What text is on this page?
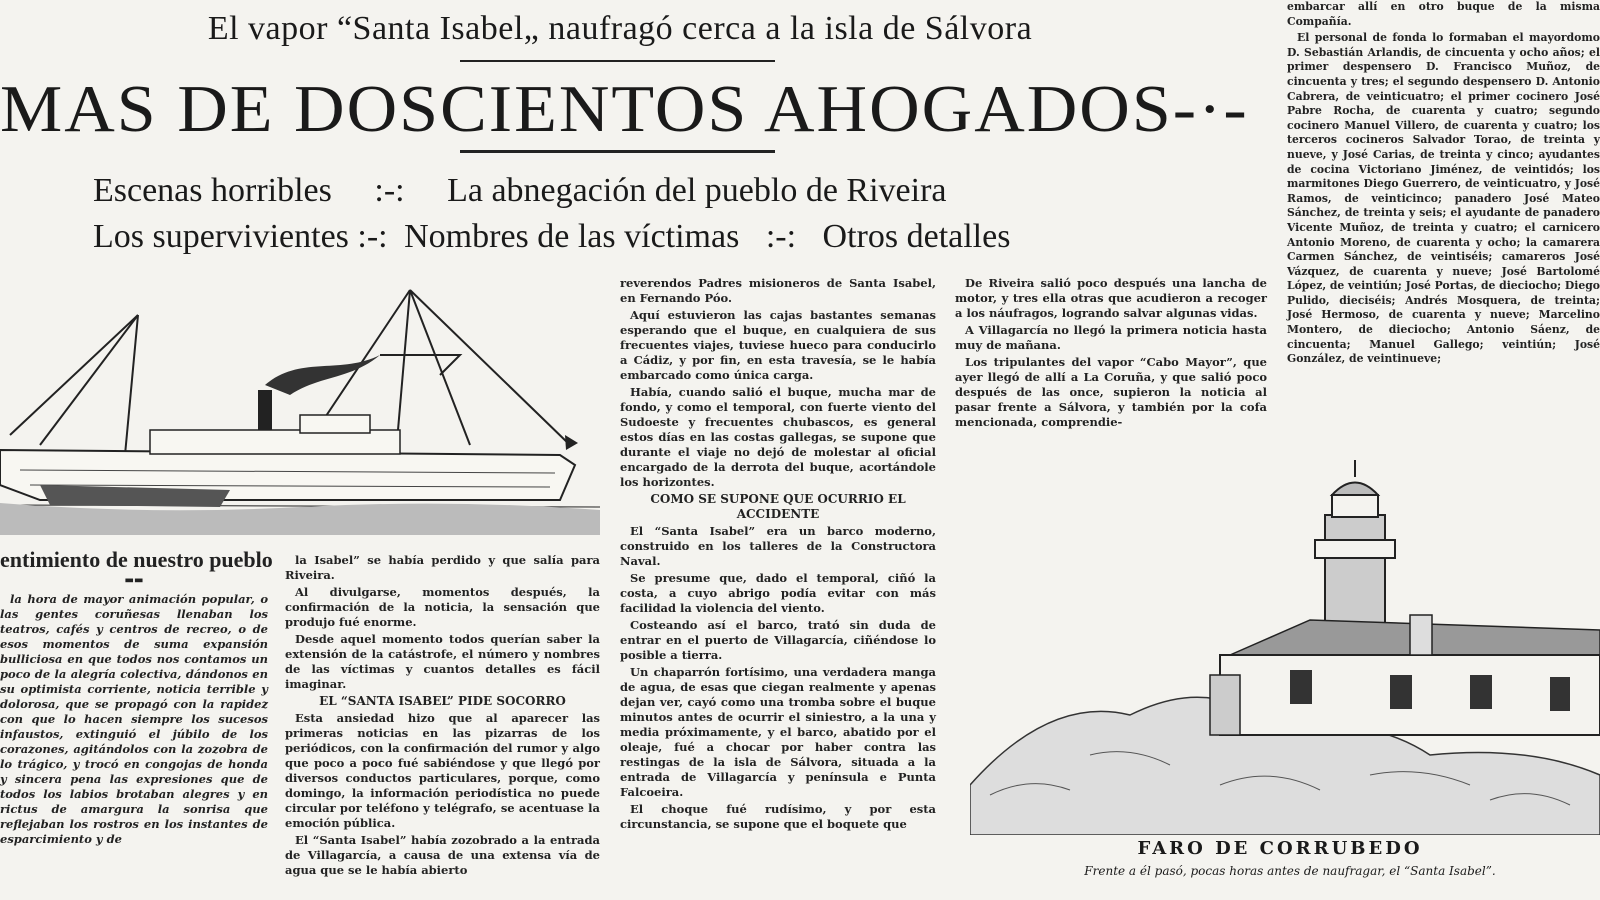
El vapor “Santa Isabel„ naufragó cerca a la isla de Sálvora
MAS DE DOSCIENTOS AHOGADOS-·-
Escenas horribles :-: La abnegación del pueblo de Riveira
Los supervivientes :-: Nombres de las víctimas :-: Otros detalles
entimiento de nuestro pueblo
▬▬

la hora de mayor animación popular, o las gentes coruñesas llenaban los teatros, cafés y centros de recreo, o de esos momentos de suma expansión bulliciosa en que todos nos contamos un poco de la alegría colectiva, dándonos en su optimista corriente, noticia terrible y dolorosa, que se propagó con la rapidez con que lo hacen siempre los sucesos infaustos, extinguió el júbilo de los corazones, agitándolos con la zozobra de lo trágico, y trocó en congojas de honda y sincera pena las expresiones que de todos los labios brotaban alegres y en rictus de amargura la sonrisa que reflejaban los rostros en los instantes de esparcimiento y de

la Isabel” se había perdido y que salía para Riveira.

Al divulgarse, momentos después, la confirmación de la noticia, la sensación que produjo fué enorme.

Desde aquel momento todos querían saber la extensión de la catástrofe, el número y nombres de las víctimas y cuantos detalles es fácil imaginar.

EL “SANTA ISABEL” PIDE SOCORRO

Esta ansiedad hizo que al aparecer las primeras noticias en las pizarras de los periódicos, con la confirmación del rumor y algo que poco a poco fué sabiéndose y que llegó por diversos conductos particulares, porque, como domingo, la información periodística no puede circular por teléfono y telégrafo, se acentuase la emoción pública.

El “Santa Isabel” había zozobrado a la entrada de Villagarcía, a causa de una extensa vía de agua que se le había abierto

reverendos Padres misioneros de Santa Isabel, en Fernando Póo.

Aquí estuvieron las cajas bastantes semanas esperando que el buque, en cualquiera de sus frecuentes viajes, tuviese hueco para conducirlo a Cádiz, y por fin, en esta travesía, se le había embarcado como única carga.

Había, cuando salió el buque, mucha mar de fondo, y como el temporal, con fuerte viento del Sudoeste y frecuentes chubascos, es general estos días en las costas gallegas, se supone que durante el viaje no dejó de molestar al oficial encargado de la derrota del buque, acortándole los horizontes.

COMO SE SUPONE QUE OCURRIO EL ACCIDENTE

El “Santa Isabel” era un barco moderno, construido en los talleres de la Constructora Naval.

Se presume que, dado el temporal, ciñó la costa, a cuyo abrigo podía evitar con más facilidad la violencia del viento.

Costeando así el barco, trató sin duda de entrar en el puerto de Villagarcía, ciñéndose lo posible a tierra.

Un chaparrón fortísimo, una verdadera manga de agua, de esas que ciegan realmente y apenas dejan ver, cayó como una tromba sobre el buque minutos antes de ocurrir el siniestro, a la una y media próximamente, y el barco, abatido por el oleaje, fué a chocar por haber contra las restingas de la isla de Sálvora, situada a la entrada de Villagarcía y península e Punta Falcoeira.

El choque fué rudísimo, y por esta circunstancia, se supone que el boquete que

De Riveira salió poco después una lancha de motor, y tres ella otras que acudieron a recoger a los náufragos, logrando salvar algunas vidas.

A Villagarcía no llegó la primera noticia hasta muy de mañana.

Los tripulantes del vapor “Cabo Mayor”, que ayer llegó de allí a La Coruña, y que salió poco después de las once, supieron la noticia al pasar frente a Sálvora, y también por la cofa mencionada, comprendie-

embarcar allí en otro buque de la misma Compañía.

El personal de fonda lo formaban el mayordomo D. Sebastián Arlandis, de cincuenta y ocho años; el primer despensero D. Francisco Muñoz, de cincuenta y tres; el segundo despensero D. Antonio Cabrera, de veinticuatro; el primer cocinero José Pabre Rocha, de cuarenta y cuatro; segundo cocinero Manuel Villero, de cuarenta y cuatro; los terceros cocineros Salvador Torao, de treinta y nueve, y José Carias, de treinta y cinco; ayudantes de cocina Victoriano Jiménez, de veintidós; los marmitones Diego Guerrero, de veinticuatro, y José Ramos, de veinticinco; panadero José Mateo Sánchez, de treinta y seis; el ayudante de panadero Vicente Muñoz, de treinta y cuatro; el carnicero Antonio Moreno, de cuarenta y ocho; la camarera Carmen Sánchez, de veintiséis; camareros José Vázquez, de cuarenta y nueve; José Bartolomé López, de veintiún; José Portas, de dieciocho; Diego Pulido, dieciséis; Andrés Mosquera, de treinta; José Hermoso, de cuarenta y nueve; Marcelino Montero, de dieciocho; Antonio Sáenz, de cincuenta; Manuel Gallego; veintiún; José González, de veintinueve;

FARO DE CORRUBEDO
Frente a él pasó, pocas horas antes de naufragar, el “Santa Isabel”.
